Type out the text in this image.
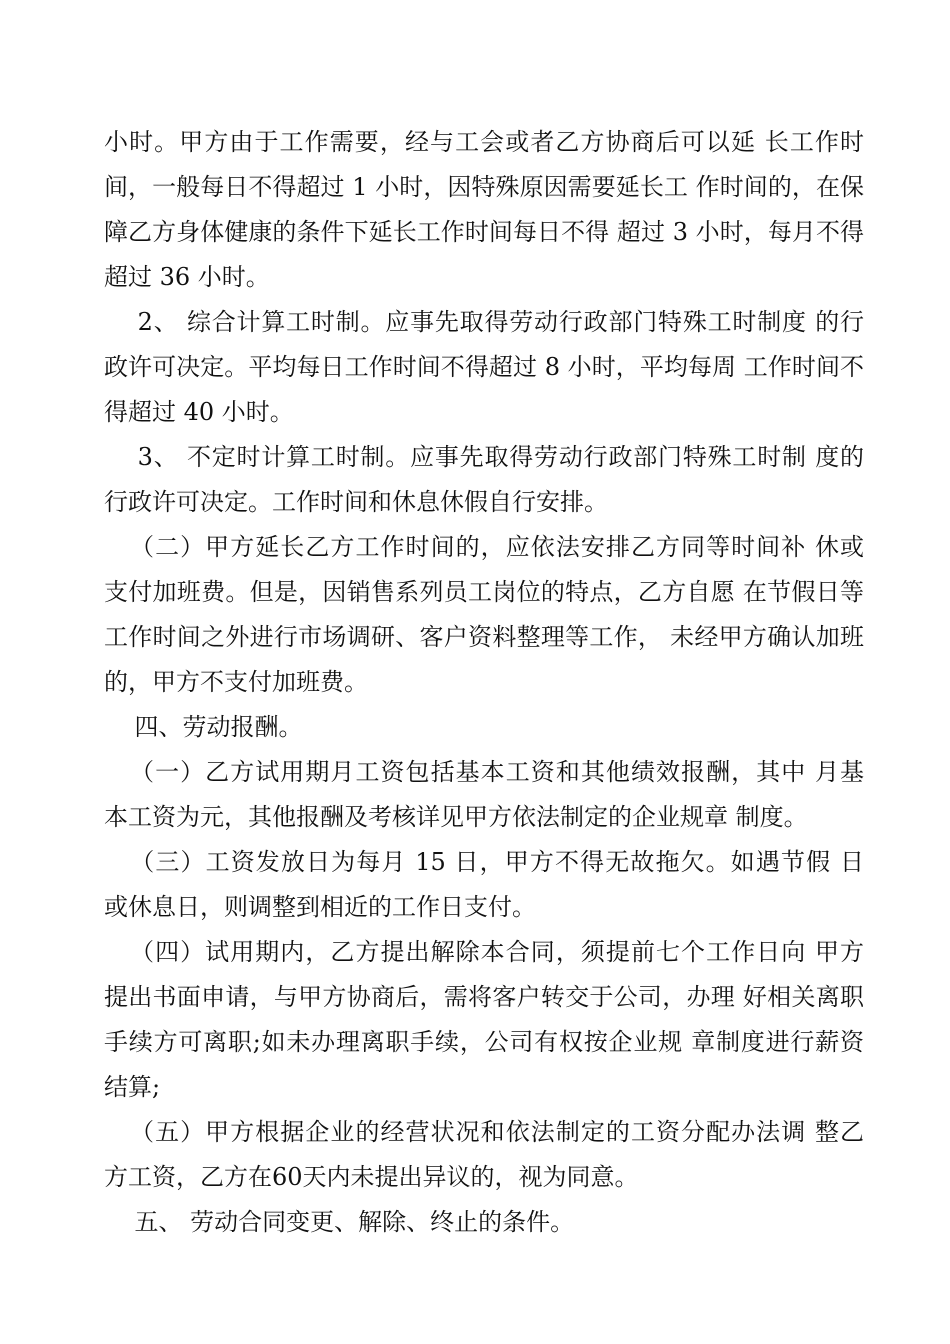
小时。甲方由于工作需要，经与工会或者乙方协商后可以延 长工作时
间，一般每日不得超过 1 小时，因特殊原因需要延长工 作时间的，在保
障乙方身体健康的条件下延长工作时间每日不得 超过 3 小时，每月不得
超过 36 小时。
2、 综合计算工时制。应事先取得劳动行政部门特殊工时制度 的行
政许可决定。平均每日工作时间不得超过 8 小时，平均每周 工作时间不
得超过 40 小时。
3、 不定时计算工时制。应事先取得劳动行政部门特殊工时制 度的
行政许可决定。工作时间和休息休假自行安排。
（二）甲方延长乙方工作时间的，应依法安排乙方同等时间补 休或
支付加班费。但是，因销售系列员工岗位的特点，乙方自愿 在节假日等
工作时间之外进行市场调研、客户资料整理等工作， 未经甲方确认加班
的，甲方不支付加班费。
四、劳动报酬。
（一）乙方试用期月工资包括基本工资和其他绩效报酬，其中 月基
本工资为元，其他报酬及考核详见甲方依法制定的企业规章 制度。
（三）工资发放日为每月 15 日，甲方不得无故拖欠。如遇节假 日
或休息日，则调整到相近的工作日支付。
（四）试用期内，乙方提出解除本合同，须提前七个工作日向 甲方
提出书面申请，与甲方协商后，需将客户转交于公司，办理 好相关离职
手续方可离职;如未办理离职手续，公司有权按企业规 章制度进行薪资
结算;
（五）甲方根据企业的经营状况和依法制定的工资分配办法调 整乙
方工资，乙方在60天内未提出异议的，视为同意。
五、 劳动合同变更、解除、终止的条件。
